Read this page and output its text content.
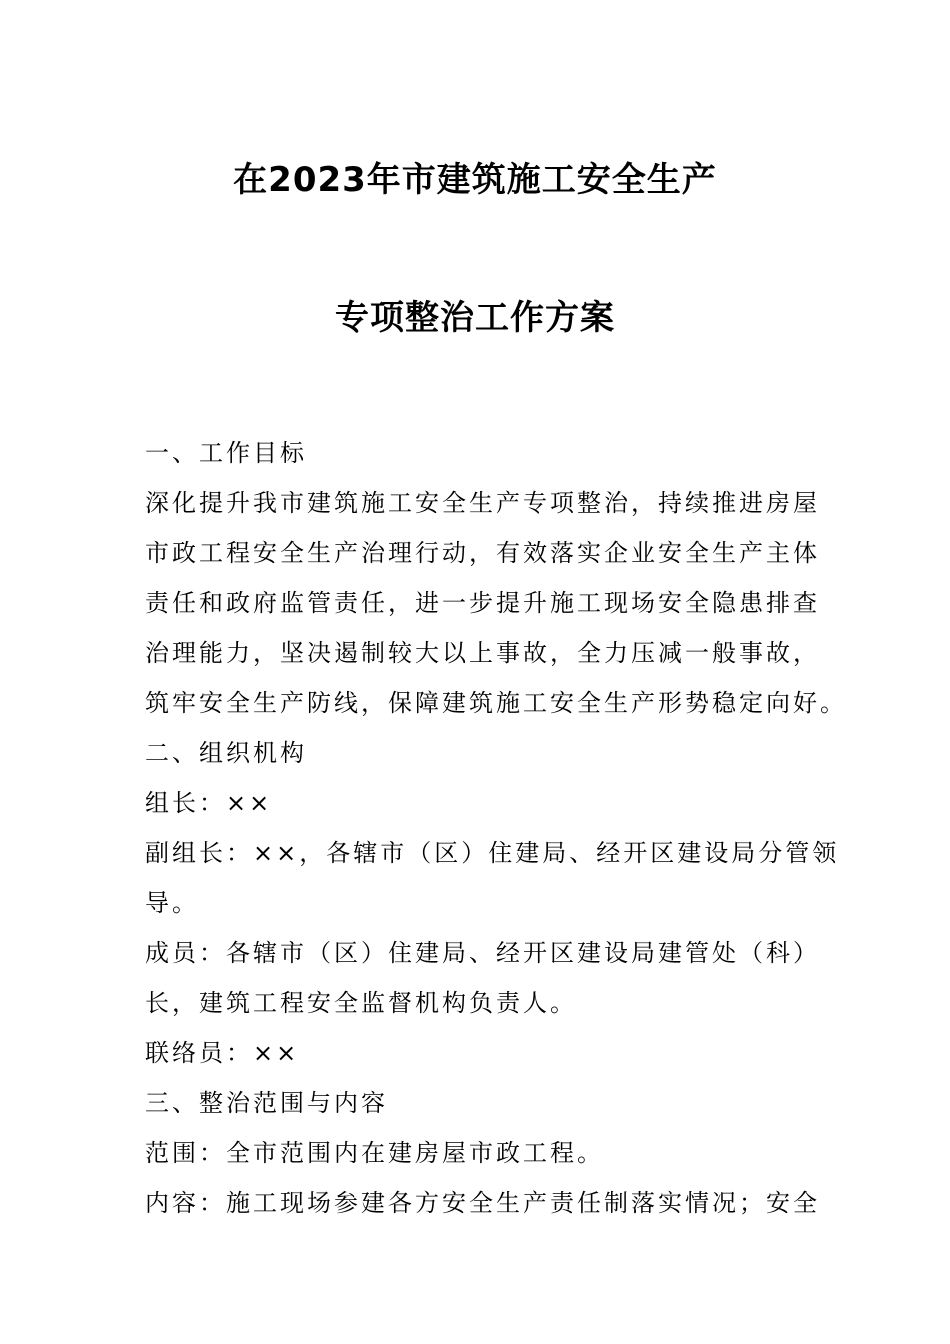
在2023年市建筑施工安全生产
专项整治工作方案
一、工作目标
深化提升我市建筑施工安全生产专项整治，持续推进房屋
市政工程安全生产治理行动，有效落实企业安全生产主体
责任和政府监管责任，进一步提升施工现场安全隐患排查
治理能力，坚决遏制较大以上事故，全力压减一般事故，
筑牢安全生产防线，保障建筑施工安全生产形势稳定向好。
二、组织机构
组长：××
副组长：××，各辖市（区）住建局、经开区建设局分管领
导。
成员：各辖市（区）住建局、经开区建设局建管处（科）
长，建筑工程安全监督机构负责人。
联络员：××
三、整治范围与内容
范围：全市范围内在建房屋市政工程。
内容：施工现场参建各方安全生产责任制落实情况；安全
